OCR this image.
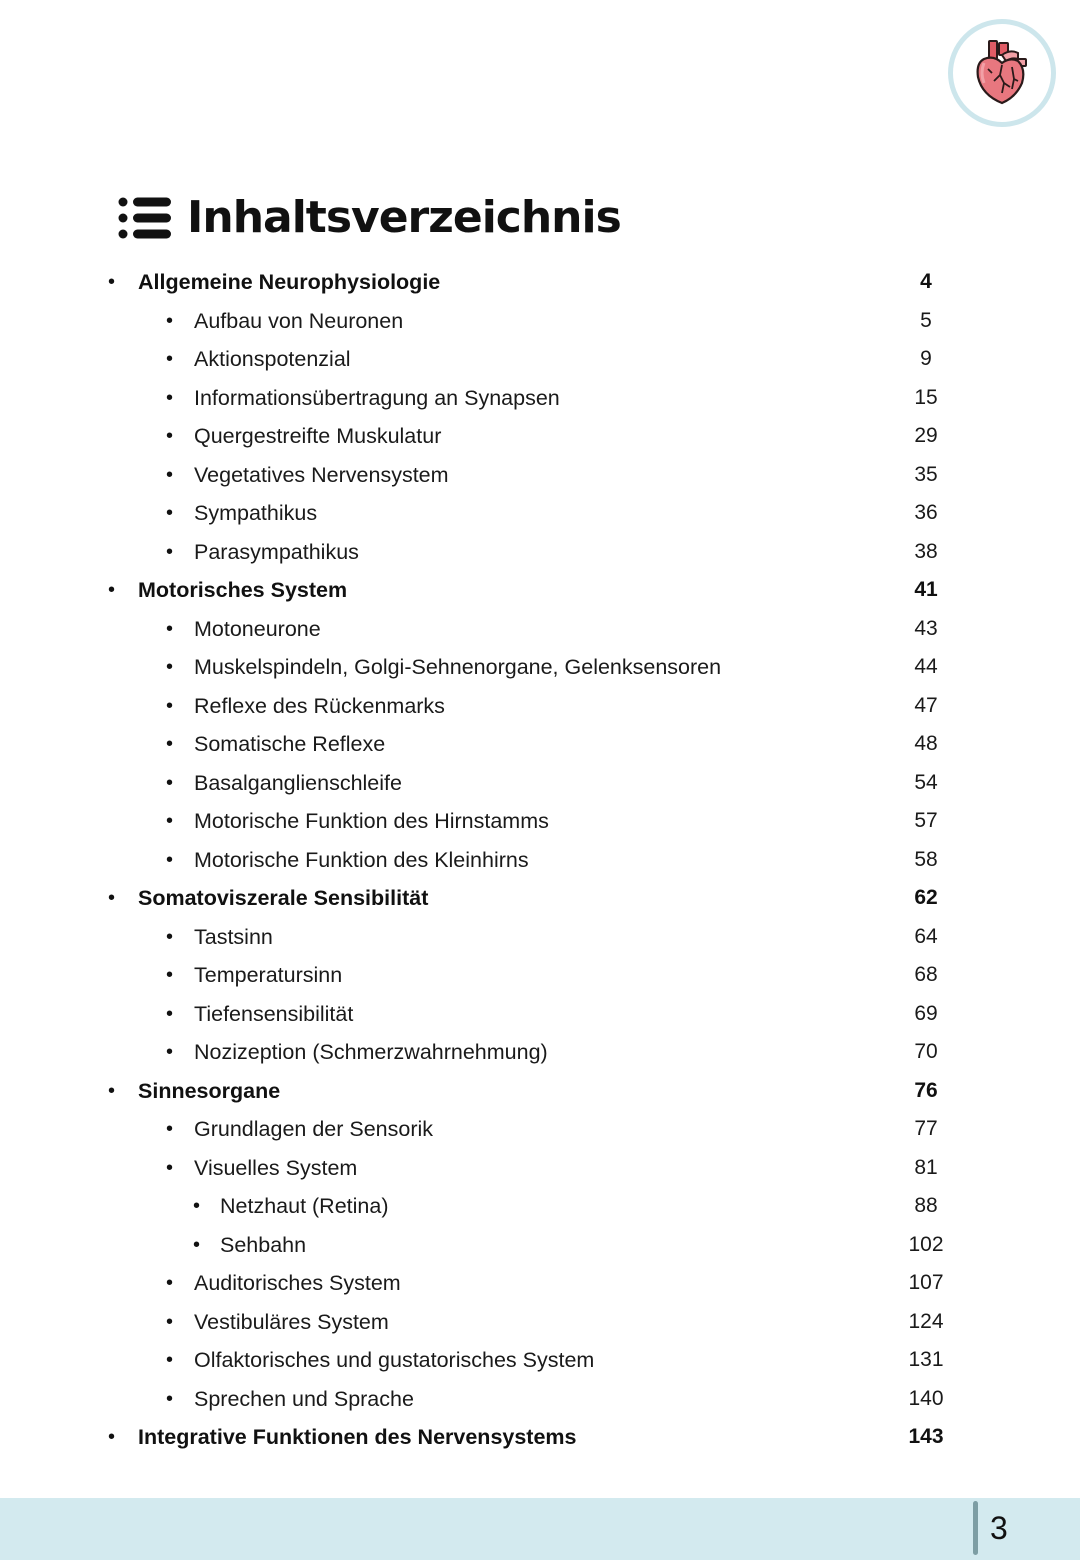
Inhaltsverzeichnis
• Allgemeine Neurophysiologie	4
• Aufbau von Neuronen	5
• Aktionspotenzial	9
• Informationsübertragung an Synapsen	15
• Quergestreifte Muskulatur	29
• Vegetatives Nervensystem	35
• Sympathikus	36
• Parasympathikus	38
• Motorisches System	41
• Motoneurone	43
• Muskelspindeln, Golgi-Sehnenorgane, Gelenksensoren	44
• Reflexe des Rückenmarks	47
• Somatische Reflexe	48
• Basalganglienschleife	54
• Motorische Funktion des Hirnstamms	57
• Motorische Funktion des Kleinhirns	58
• Somatoviszerale Sensibilität	62
• Tastsinn	64
• Temperatursinn	68
• Tiefensensibilität	69
• Nozizeption (Schmerzwahrnehmung)	70
• Sinnesorgane	76
• Grundlagen der Sensorik	77
• Visuelles System	81
• Netzhaut (Retina)	88
• Sehbahn	102
• Auditorisches System	107
• Vestibuläres System	124
• Olfaktorisches und gustatorisches System	131
• Sprechen und Sprache	140
• Integrative Funktionen des Nervensystems	143
3
